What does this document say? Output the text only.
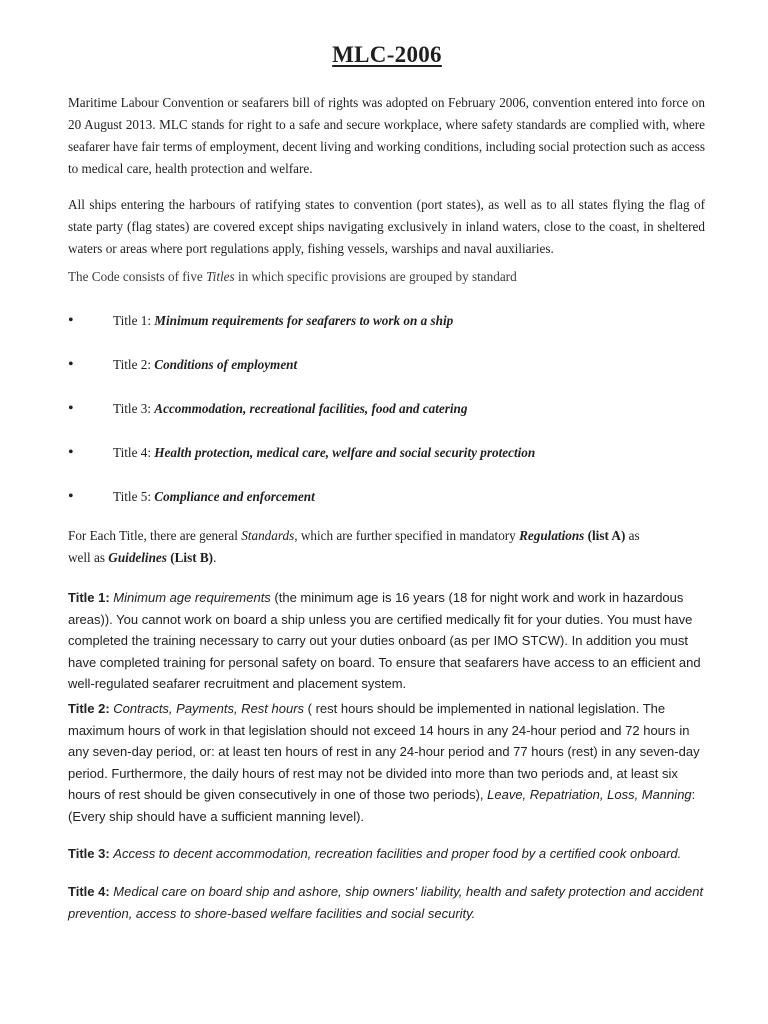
MLC-2006

Maritime Labour Convention or seafarers bill of rights was adopted on February 2006, convention entered into force on 20 August 2013. MLC stands for right to a safe and secure workplace, where safety standards are complied with, where seafarer have fair terms of employment, decent living and working conditions, including social protection such as access to medical care, health protection and welfare.

All ships entering the harbours of ratifying states to convention (port states), as well as to all states flying the flag of state party (flag states) are covered except ships navigating exclusively in inland waters, close to the coast, in sheltered waters or areas where port regulations apply, fishing vessels, warships and naval auxiliaries.

The Code consists of five Titles in which specific provisions are grouped by standard

•	Title 1: Minimum requirements for seafarers to work on a ship
•	Title 2: Conditions of employment
•	Title 3: Accommodation, recreational facilities, food and catering
•	Title 4: Health protection, medical care, welfare and social security protection
•	Title 5: Compliance and enforcement

For Each Title, there are general Standards, which are further specified in mandatory Regulations (list A) as
well as Guidelines (List B).

Title 1: Minimum age requirements (the minimum age is 16 years (18 for night work and work in hazardous areas)). You cannot work on board a ship unless you are certified medically fit for your duties. You must have completed the training necessary to carry out your duties onboard (as per IMO STCW). In addition you must have completed training for personal safety on board. To ensure that seafarers have access to an efficient and well-regulated seafarer recruitment and placement system.

Title 2: Contracts, Payments, Rest hours ( rest hours should be implemented in national legislation. The maximum hours of work in that legislation should not exceed 14 hours in any 24-hour period and 72 hours in any seven-day period, or: at least ten hours of rest in any 24-hour period and 77 hours (rest) in any seven-day period. Furthermore, the daily hours of rest may not be divided into more than two periods and, at least six hours of rest should be given consecutively in one of those two periods), Leave, Repatriation, Loss, Manning: (Every ship should have a sufficient manning level).

Title 3: Access to decent accommodation, recreation facilities and proper food by a certified cook onboard.

Title 4: Medical care on board ship and ashore, ship owners' liability, health and safety protection and accident prevention, access to shore-based welfare facilities and social security.
